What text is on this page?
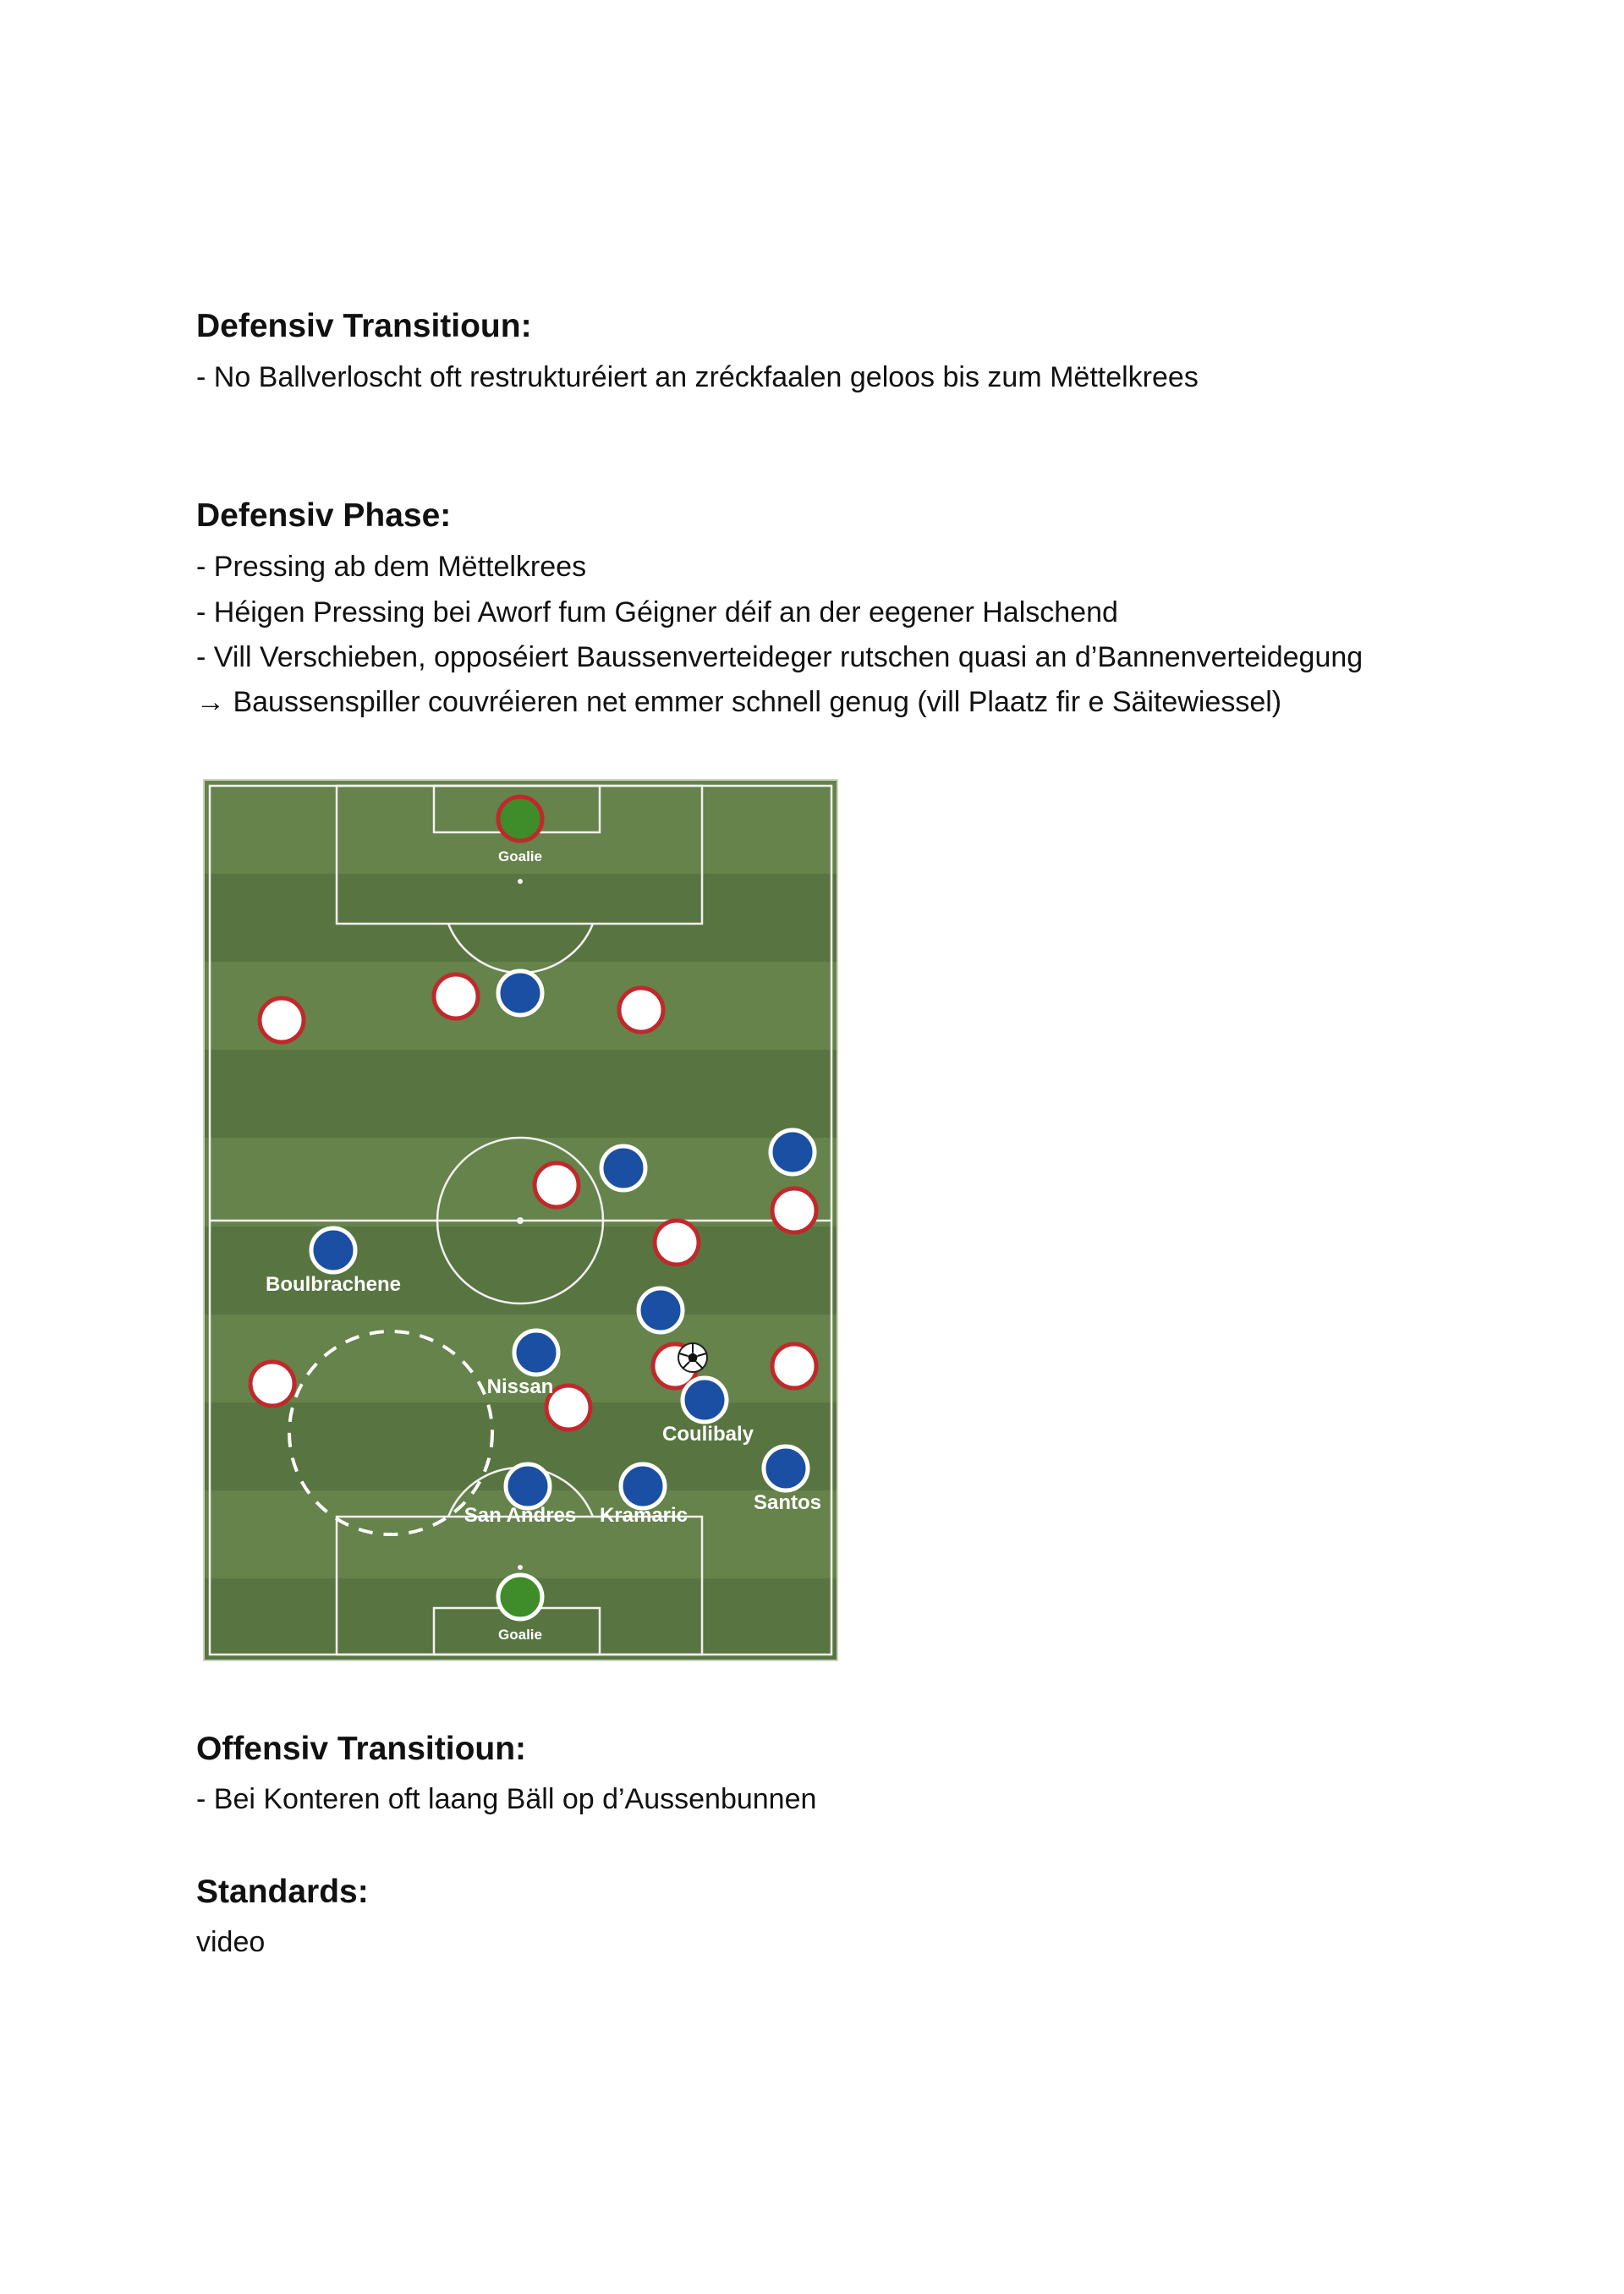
Defensiv Transitioun:

- No Ballverloscht oft restrukturéiert an zréckfaalen geloos bis zum Mëttelkrees

Defensiv Phase:

- Pressing ab dem Mëttelkrees

- Héigen Pressing bei Aworf fum Géigner déif an der eegener Halschend

- Vill Verschieben, opposéiert Baussenverteideger rutschen quasi an d’Bannenverteidegung

→ Baussenspiller couvréieren net emmer schnell genug (vill Plaatz fir e Säitewiessel)

Goalie
Goalie
Boulbrachene
Nissan
Coulibaly
Santos
San Andres Kramaric
Offensiv Transitioun:

- Bei Konteren oft laang Bäll op d’Aussenbunnen

Standards:

video
